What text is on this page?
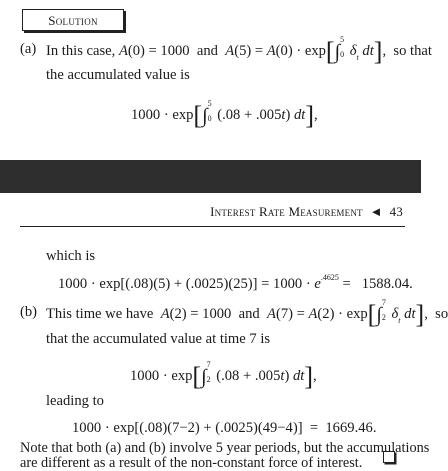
Solution
(a) In this case, A(0) = 1000  and  A(5) = A(0) · exp[∫
5
0 $\delta_t$ dt],  so that
the accumulated value is
1000 · exp[∫
5
0 (.08 + .005t) dt],
Interest Rate Measurement  ◄  43
which is
$1000 \cdot \exp[(.08)(5) + (.0025)(25)] = 1000 \cdot e^{.4625} = 1588.04$.
(b) This time we have  A(2) = 1000  and  A(7) = A(2) · exp[∫
7
2 $\delta_t$ dt],  so
that the accumulated value at time 7 is
1000 · exp[∫
7
2 (.08 + .005t) dt],
leading to
1000 · exp[(.08)(7−2) + (.0025)(49−4)]  =  1669.46.
Note that both (a) and (b) involve 5 year periods, but the accumulations
are different as a result of the non-constant force of interest.
